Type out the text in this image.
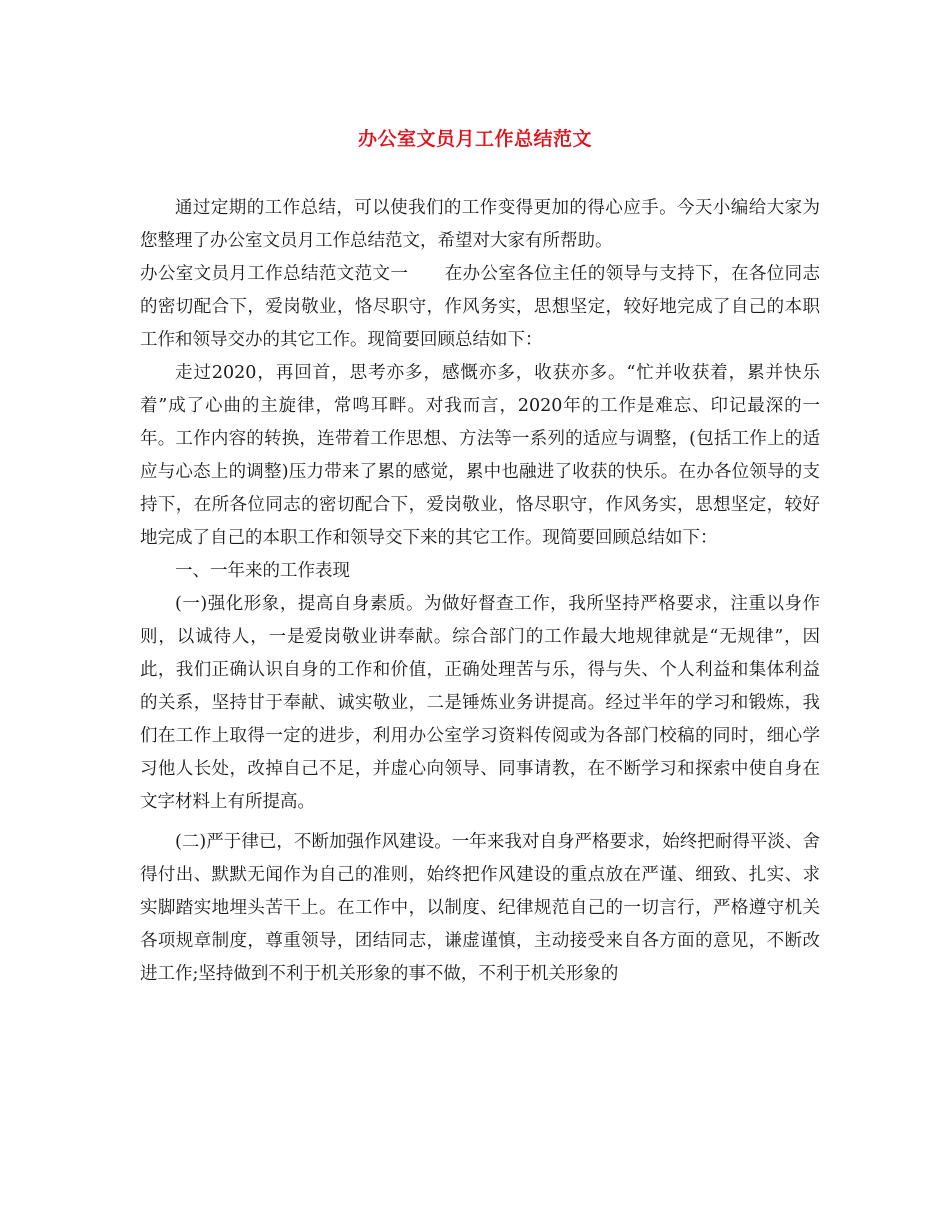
办公室文员月工作总结范文

通过定期的工作总结，可以使我们的工作变得更加的得心应手。今天小编给大家为您整理了办公室文员月工作总结范文，希望对大家有所帮助。

办公室文员月工作总结范文范文一 在办公室各位主任的领导与支持下，在各位同志的密切配合下，爱岗敬业，恪尽职守，作风务实，思想坚定，较好地完成了自己的本职工作和领导交办的其它工作。现简要回顾总结如下：

走过2020，再回首，思考亦多，感慨亦多，收获亦多。“忙并收获着，累并快乐着”成了心曲的主旋律，常鸣耳畔。对我而言，2020年的工作是难忘、印记最深的一年。工作内容的转换，连带着工作思想、方法等一系列的适应与调整，(包括工作上的适应与心态上的调整)压力带来了累的感觉，累中也融进了收获的快乐。在办各位领导的支持下，在所各位同志的密切配合下，爱岗敬业，恪尽职守，作风务实，思想坚定，较好地完成了自己的本职工作和领导交下来的其它工作。现简要回顾总结如下：

一、一年来的工作表现

(一)强化形象，提高自身素质。为做好督查工作，我所坚持严格要求，注重以身作则，以诚待人，一是爱岗敬业讲奉献。综合部门的工作最大地规律就是“无规律”，因此，我们正确认识自身的工作和价值，正确处理苦与乐，得与失、个人利益和集体利益的关系，坚持甘于奉献、诚实敬业，二是锤炼业务讲提高。经过半年的学习和锻炼，我们在工作上取得一定的进步，利用办公室学习资料传阅或为各部门校稿的同时，细心学习他人长处，改掉自己不足，并虚心向领导、同事请教，在不断学习和探索中使自身在文字材料上有所提高。

(二)严于律已，不断加强作风建设。一年来我对自身严格要求，始终把耐得平淡、舍得付出、默默无闻作为自己的准则，始终把作风建设的重点放在严谨、细致、扎实、求实脚踏实地埋头苦干上。在工作中，以制度、纪律规范自己的一切言行，严格遵守机关各项规章制度，尊重领导，团结同志，谦虚谨慎，主动接受来自各方面的意见，不断改进工作;坚持做到不利于机关形象的事不做，不利于机关形象的
